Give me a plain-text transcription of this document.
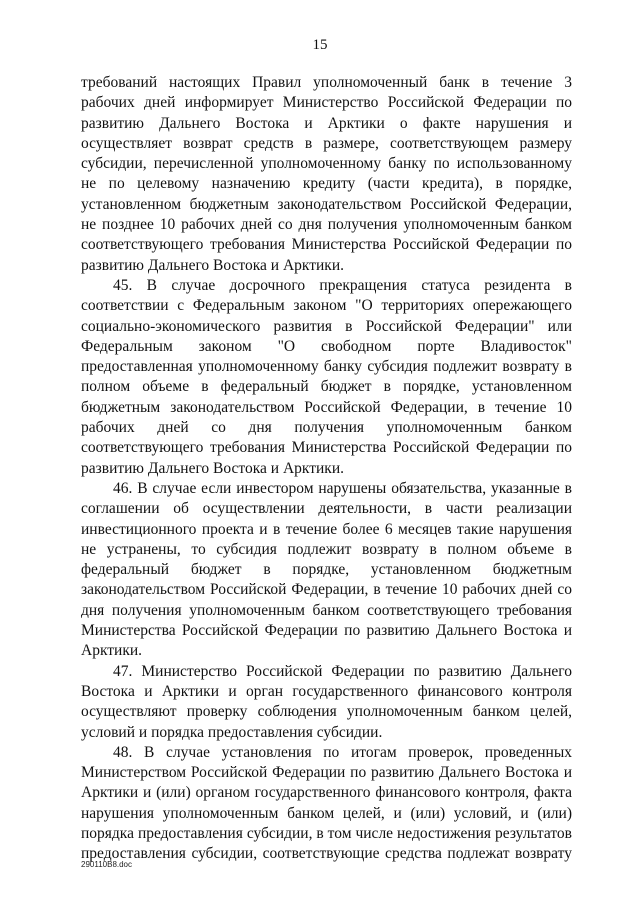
15

требований настоящих Правил уполномоченный банк в течение 3 рабочих дней информирует Министерство Российской Федерации по развитию Дальнего Востока и Арктики о факте нарушения и осуществляет возврат средств в размере, соответствующем размеру субсидии, перечисленной уполномоченному банку по использованному не по целевому назначению кредиту (части кредита), в порядке, установленном бюджетным законодательством Российской Федерации, не позднее 10 рабочих дней со дня получения уполномоченным банком соответствующего требования Министерства Российской Федерации по развитию Дальнего Востока и Арктики.

45. В случае досрочного прекращения статуса резидента в соответствии с Федеральным законом "О территориях опережающего социально-экономического развития в Российской Федерации" или Федеральным законом "О свободном порте Владивосток" предоставленная уполномоченному банку субсидия подлежит возврату в полном объеме в федеральный бюджет в порядке, установленном бюджетным законодательством Российской Федерации, в течение 10 рабочих дней со дня получения уполномоченным банком соответствующего требования Министерства Российской Федерации по развитию Дальнего Востока и Арктики.

46. В случае если инвестором нарушены обязательства, указанные в соглашении об осуществлении деятельности, в части реализации инвестиционного проекта и в течение более 6 месяцев такие нарушения не устранены, то субсидия подлежит возврату в полном объеме в федеральный бюджет в порядке, установленном бюджетным законодательством Российской Федерации, в течение 10 рабочих дней со дня получения уполномоченным банком соответствующего требования Министерства Российской Федерации по развитию Дальнего Востока и Арктики.

47. Министерство Российской Федерации по развитию Дальнего Востока и Арктики и орган государственного финансового контроля осуществляют проверку соблюдения уполномоченным банком целей, условий и порядка предоставления субсидии.

48. В случае установления по итогам проверок, проведенных Министерством Российской Федерации по развитию Дальнего Востока и Арктики и (или) органом государственного финансового контроля, факта нарушения уполномоченным банком целей, и (или) условий, и (или) порядка предоставления субсидии, в том числе недостижения результатов предоставления субсидии, соответствующие средства подлежат возврату

290110B8.doc
